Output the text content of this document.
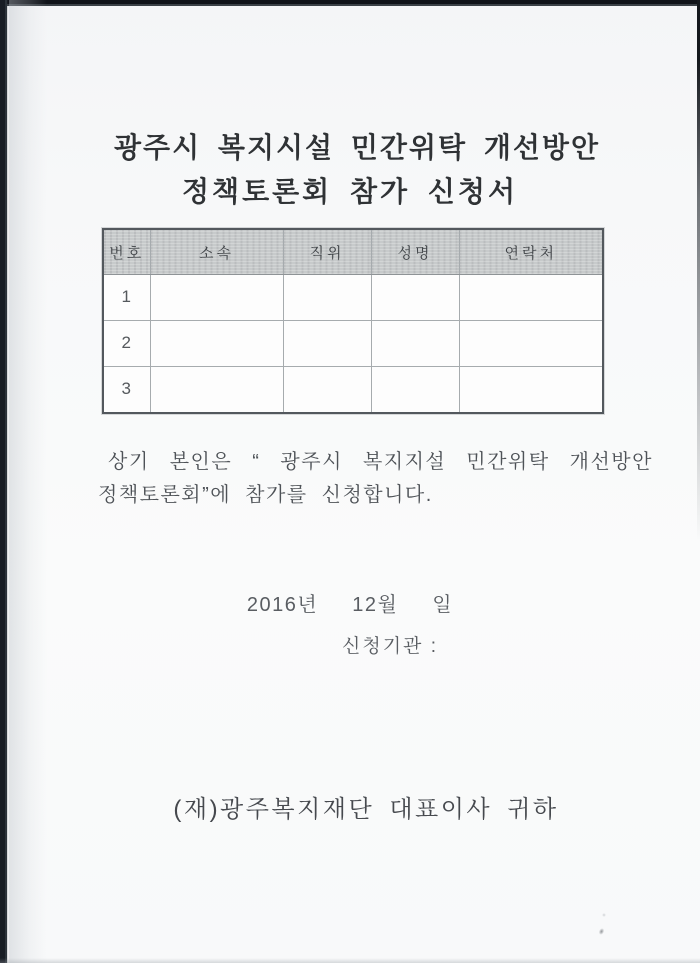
광주시 복지시설 민간위탁 개선방안
정책토론회 참가 신청서
번호	소속	직위	성명	연락처
1				
2				
3				

상기 본인은 “ 광주시 복지지설 민간위탁 개선방안
정책토론회”에 참가를 신청합니다.

2016년 12월 일
신청기관 :
(재)광주복지재단 대표이사 귀하
